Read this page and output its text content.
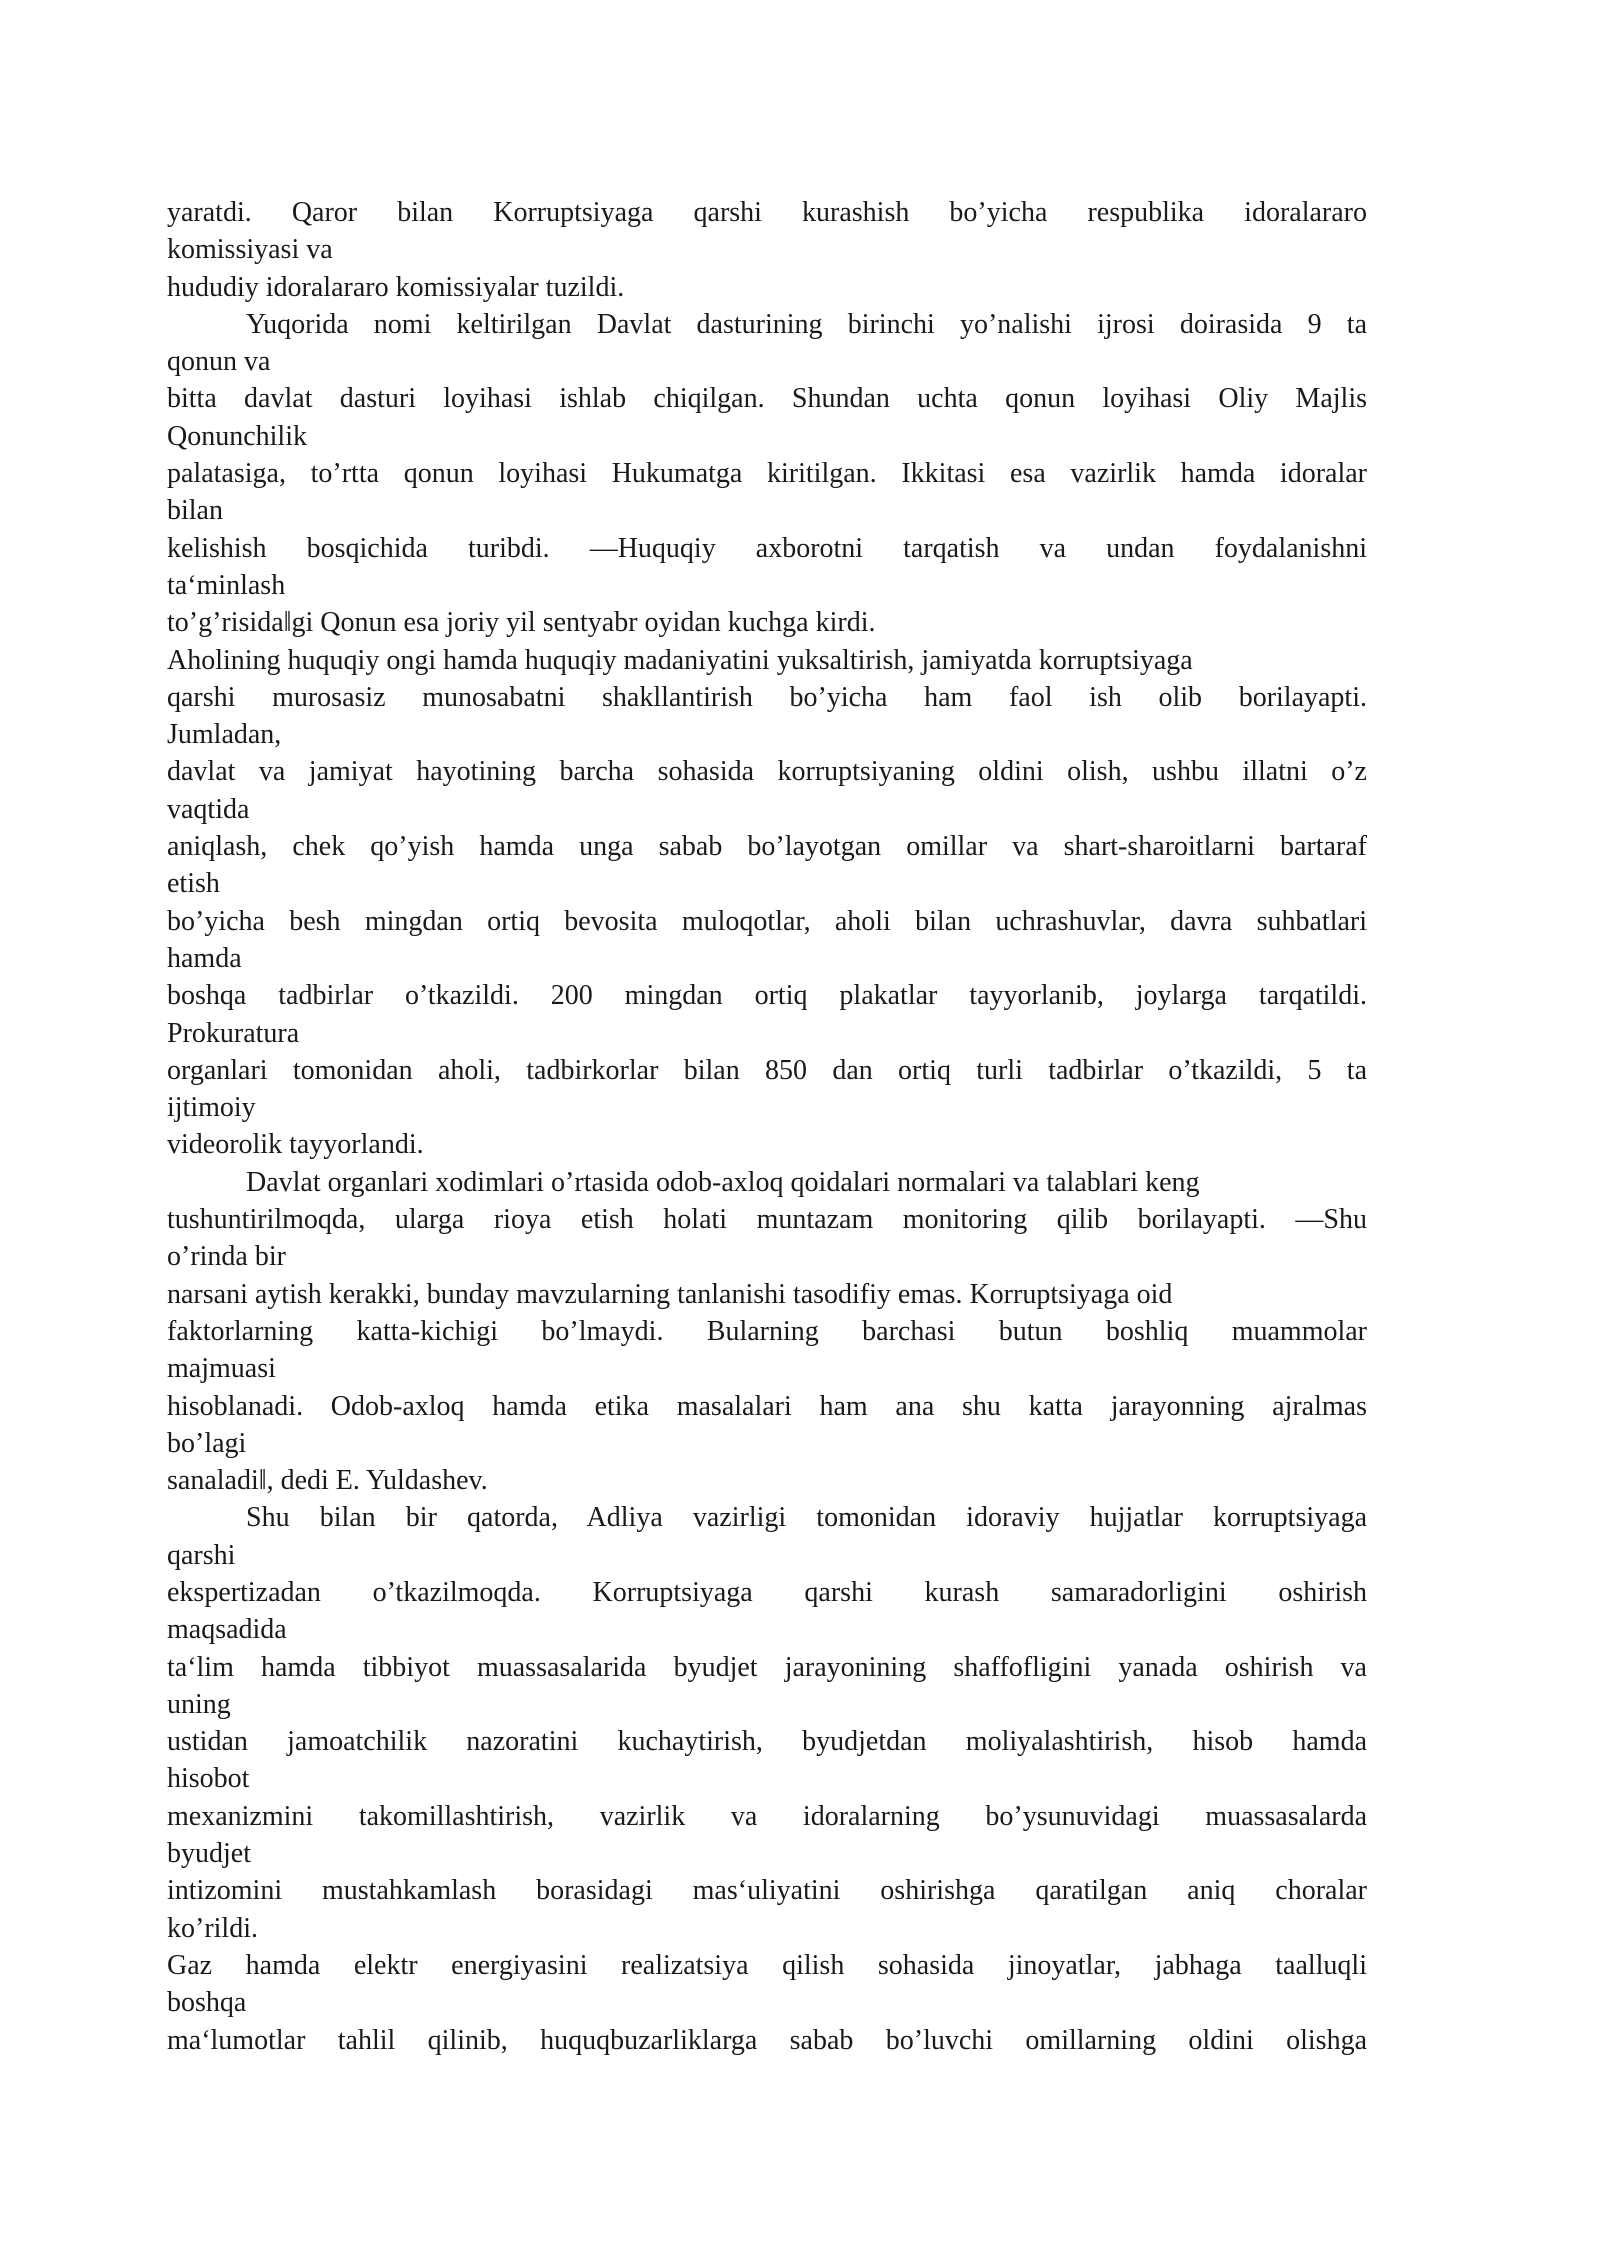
yaratdi. Qaror bilan Korruptsiyaga qarshi kurashish bo’yicha respublika idoralararo
komissiyasi va
hududiy idoralararo komissiyalar tuzildi.
Yuqorida nomi keltirilgan Davlat dasturining birinchi yo’nalishi ijrosi doirasida 9 ta
qonun va
bitta davlat dasturi loyihasi ishlab chiqilgan. Shundan uchta qonun loyihasi Oliy Majlis
Qonunchilik
palatasiga, to’rtta qonun loyihasi Hukumatga kiritilgan. Ikkitasi esa vazirlik hamda idoralar
bilan
kelishish bosqichida turibdi. ―Huquqiy axborotni tarqatish va undan foydalanishni
ta‘minlash
to’g’risida‖gi Qonun esa joriy yil sentyabr oyidan kuchga kirdi.
Aholining huquqiy ongi hamda huquqiy madaniyatini yuksaltirish, jamiyatda korruptsiyaga
qarshi murosasiz munosabatni shakllantirish bo’yicha ham faol ish olib borilayapti.
Jumladan,
davlat va jamiyat hayotining barcha sohasida korruptsiyaning oldini olish, ushbu illatni o’z
vaqtida
aniqlash, chek qo’yish hamda unga sabab bo’layotgan omillar va shart-sharoitlarni bartaraf
etish
bo’yicha besh mingdan ortiq bevosita muloqotlar, aholi bilan uchrashuvlar, davra suhbatlari
hamda
boshqa tadbirlar o’tkazildi. 200 mingdan ortiq plakatlar tayyorlanib, joylarga tarqatildi.
Prokuratura
organlari tomonidan aholi, tadbirkorlar bilan 850 dan ortiq turli tadbirlar o’tkazildi, 5 ta
ijtimoiy
videorolik tayyorlandi.
Davlat organlari xodimlari o’rtasida odob-axloq qoidalari normalari va talablari keng
tushuntirilmoqda, ularga rioya etish holati muntazam monitoring qilib borilayapti. ―Shu
o’rinda bir
narsani aytish kerakki, bunday mavzularning tanlanishi tasodifiy emas. Korruptsiyaga oid
faktorlarning katta-kichigi bo’lmaydi. Bularning barchasi butun boshliq muammolar
majmuasi
hisoblanadi. Odob-axloq hamda etika masalalari ham ana shu katta jarayonning ajralmas
bo’lagi
sanaladi‖, dedi E. Yuldashev.
Shu bilan bir qatorda, Adliya vazirligi tomonidan idoraviy hujjatlar korruptsiyaga
qarshi
ekspertizadan o’tkazilmoqda. Korruptsiyaga qarshi kurash samaradorligini oshirish
maqsadida
ta‘lim hamda tibbiyot muassasalarida byudjet jarayonining shaffofligini yanada oshirish va
uning
ustidan jamoatchilik nazoratini kuchaytirish, byudjetdan moliyalashtirish, hisob hamda
hisobot
mexanizmini takomillashtirish, vazirlik va idoralarning bo’ysunuvidagi muassasalarda
byudjet
intizomini mustahkamlash borasidagi mas‘uliyatini oshirishga qaratilgan aniq choralar
ko’rildi.
Gaz hamda elektr energiyasini realizatsiya qilish sohasida jinoyatlar, jabhaga taalluqli
boshqa
ma‘lumotlar tahlil qilinib, huquqbuzarliklarga sabab bo’luvchi omillarning oldini olishga
